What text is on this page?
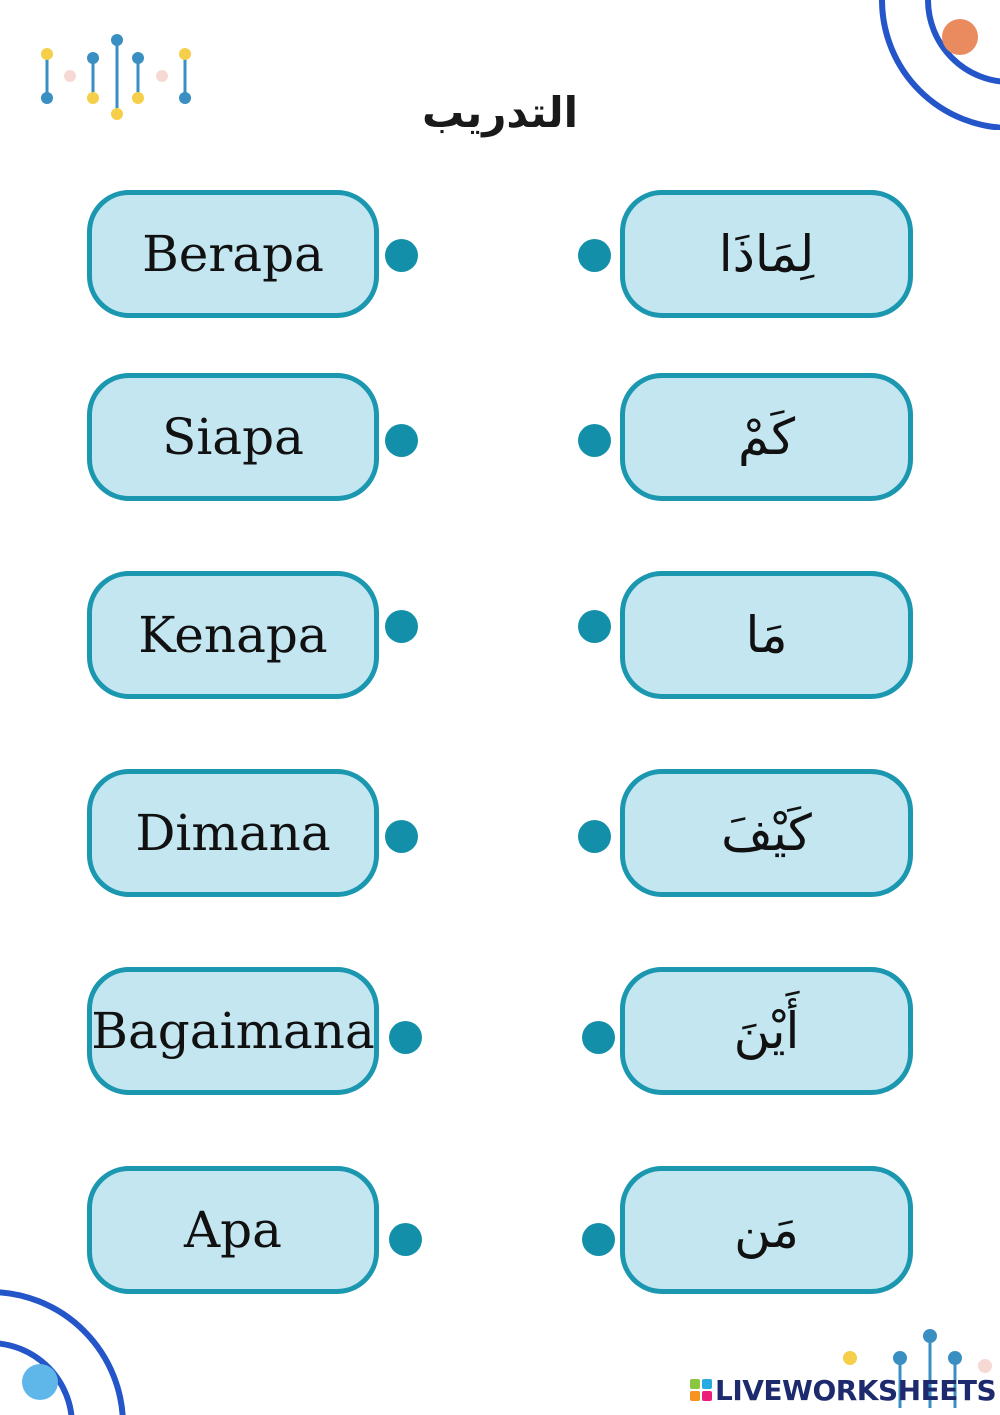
التدريب
Berapa
Siapa
Kenapa
Dimana
Bagaimana
Apa
لِمَاذَا
كَمْ
مَا
كَيْفَ
أَيْنَ
مَن
LIVEWORKSHEETS
